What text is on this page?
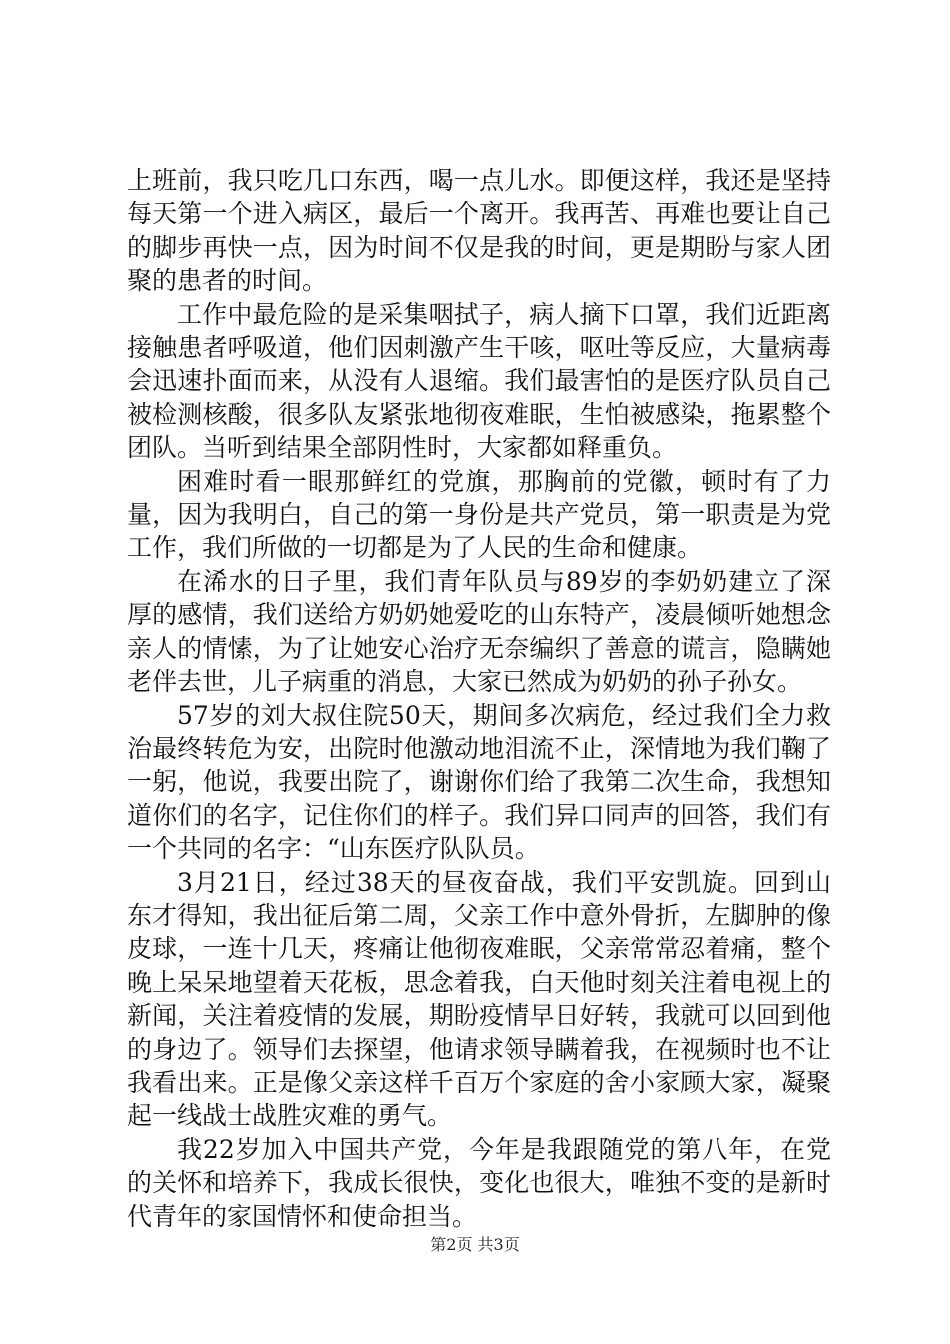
上班前，我只吃几口东西，喝一点儿水。即便这样，我还是坚持每天第一个进入病区，最后一个离开。我再苦、再难也要让自己的脚步再快一点，因为时间不仅是我的时间，更是期盼与家人团聚的患者的时间。

工作中最危险的是采集咽拭子，病人摘下口罩，我们近距离接触患者呼吸道，他们因刺激产生干咳，呕吐等反应，大量病毒会迅速扑面而来，从没有人退缩。我们最害怕的是医疗队员自己被检测核酸，很多队友紧张地彻夜难眠，生怕被感染，拖累整个团队。当听到结果全部阴性时，大家都如释重负。

困难时看一眼那鲜红的党旗，那胸前的党徽，顿时有了力量，因为我明白，自己的第一身份是共产党员，第一职责是为党工作，我们所做的一切都是为了人民的生命和健康。

在浠水的日子里，我们青年队员与89岁的李奶奶建立了深厚的感情，我们送给方奶奶她爱吃的山东特产，凌晨倾听她想念亲人的情愫，为了让她安心治疗无奈编织了善意的谎言，隐瞒她老伴去世，儿子病重的消息，大家已然成为奶奶的孙子孙女。

57岁的刘大叔住院50天，期间多次病危，经过我们全力救治最终转危为安，出院时他激动地泪流不止，深情地为我们鞠了一躬，他说，我要出院了，谢谢你们给了我第二次生命，我想知道你们的名字，记住你们的样子。我们异口同声的回答，我们有一个共同的名字：“山东医疗队队员。

3月21日，经过38天的昼夜奋战，我们平安凯旋。回到山东才得知，我出征后第二周，父亲工作中意外骨折，左脚肿的像皮球，一连十几天，疼痛让他彻夜难眠，父亲常常忍着痛，整个晚上呆呆地望着天花板，思念着我，白天他时刻关注着电视上的新闻，关注着疫情的发展，期盼疫情早日好转，我就可以回到他的身边了。领导们去探望，他请求领导瞒着我，在视频时也不让我看出来。正是像父亲这样千百万个家庭的舍小家顾大家，凝聚起一线战士战胜灾难的勇气。

我22岁加入中国共产党，今年是我跟随党的第八年，在党的关怀和培养下，我成长很快，变化也很大，唯独不变的是新时代青年的家国情怀和使命担当。

第2页 共3页
